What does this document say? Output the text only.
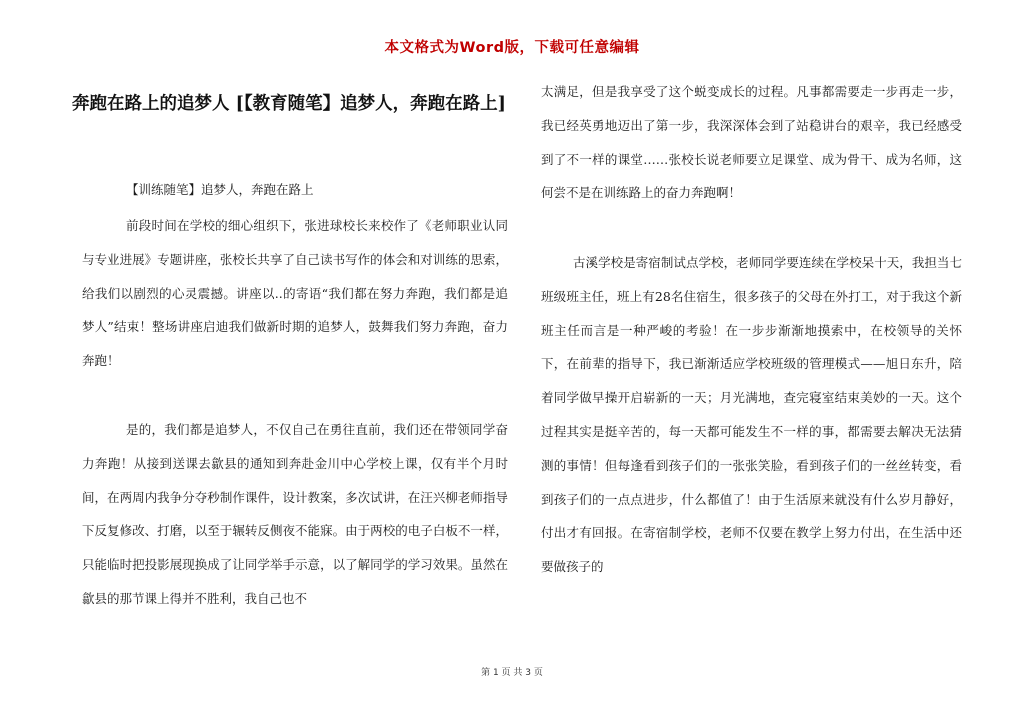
本文格式为Word版，下载可任意编辑
奔跑在路上的追梦人 [【教育随笔】追梦人，奔跑在路上]
【训练随笔】追梦人，奔跑在路上

前段时间在学校的细心组织下，张进球校长来校作了《老师职业认同与专业进展》专题讲座，张校长共享了自己读书写作的体会和对训练的思索，给我们以剧烈的心灵震撼。讲座以..的寄语“我们都在努力奔跑，我们都是追梦人”结束！整场讲座启迪我们做新时期的追梦人，鼓舞我们努力奔跑，奋力奔跑！

是的，我们都是追梦人，不仅自己在勇往直前，我们还在带领同学奋力奔跑！从接到送课去歙县的通知到奔赴金川中心学校上课，仅有半个月时间，在两周内我争分夺秒制作课件，设计教案，多次试讲，在汪兴柳老师指导下反复修改、打磨，以至于辗转反侧夜不能寐。由于两校的电子白板不一样，只能临时把投影展现换成了让同学举手示意，以了解同学的学习效果。虽然在歙县的那节课上得并不胜利，我自己也不

太满足，但是我享受了这个蜕变成长的过程。凡事都需要走一步再走一步，我已经英勇地迈出了第一步，我深深体会到了站稳讲台的艰辛，我已经感受到了不一样的课堂……张校长说老师要立足课堂、成为骨干、成为名师，这何尝不是在训练路上的奋力奔跑啊！

古溪学校是寄宿制试点学校，老师同学要连续在学校呆十天，我担当七班级班主任，班上有28名住宿生，很多孩子的父母在外打工，对于我这个新班主任而言是一种严峻的考验！在一步步渐渐地摸索中，在校领导的关怀下，在前辈的指导下，我已渐渐适应学校班级的管理模式——旭日东升，陪着同学做早操开启崭新的一天；月光满地，查完寝室结束美妙的一天。这个过程其实是挺辛苦的，每一天都可能发生不一样的事，都需要去解决无法猜测的事情！但每逢看到孩子们的一张张笑脸，看到孩子们的一丝丝转变，看到孩子们的一点点进步，什么都值了！由于生活原来就没有什么岁月静好，付出才有回报。在寄宿制学校，老师不仅要在教学上努力付出，在生活中还要做孩子的

第 1 页 共 3 页
